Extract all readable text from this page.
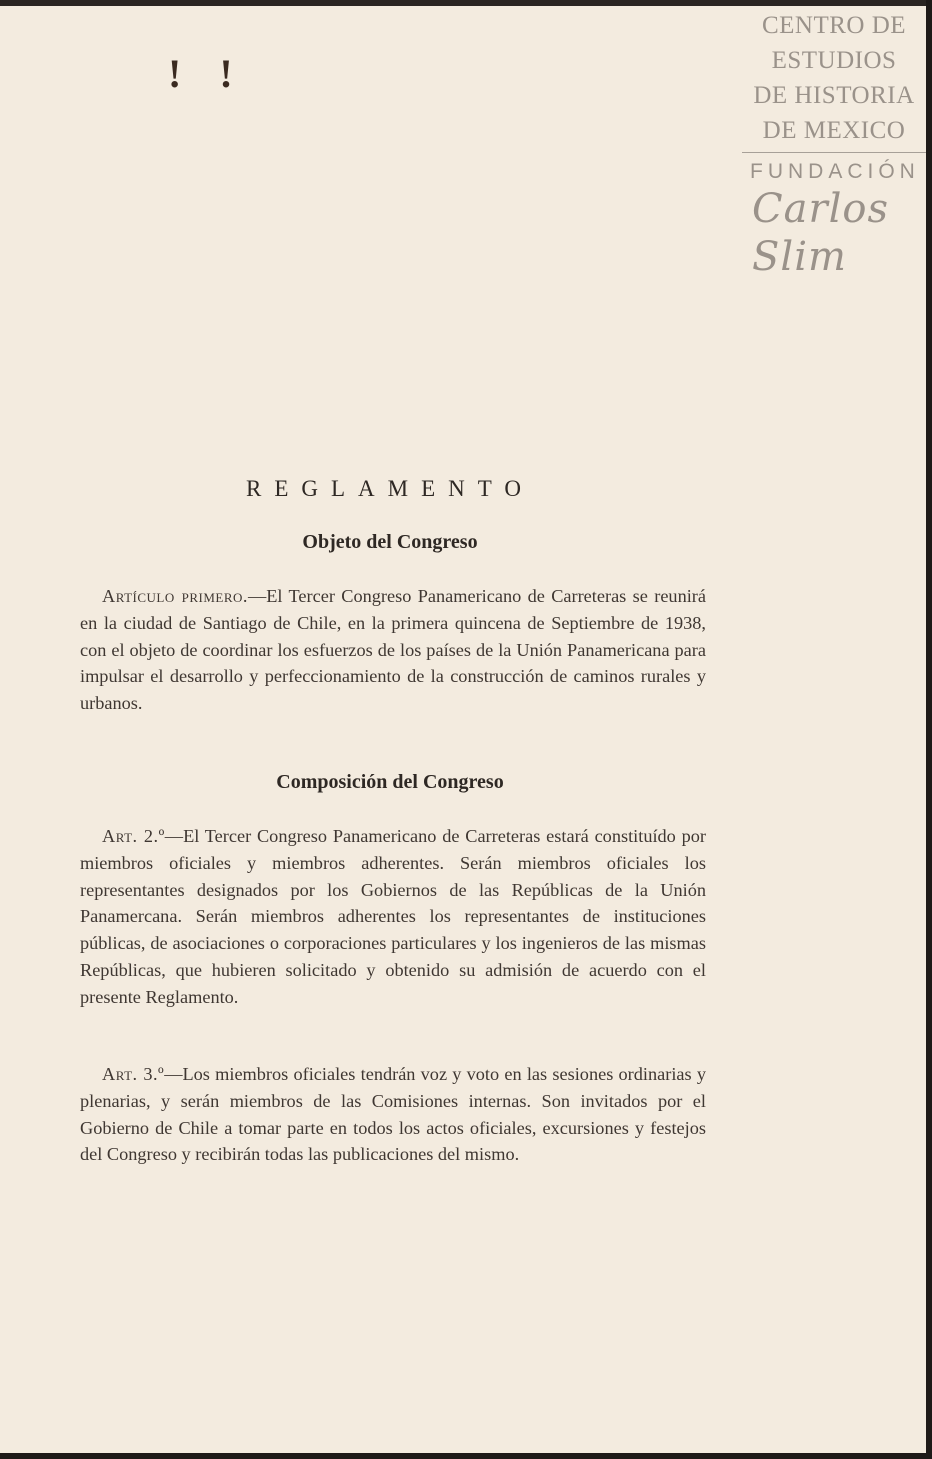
! !
CENTRO DE
ESTUDIOS
DE HISTORIA
DE MEXICO
FUNDACIÓN
Carlos Slim
REGLAMENTO
Objeto del Congreso

Artículo primero.—El Tercer Congreso Panamericano de Carreteras se reunirá en la ciudad de Santiago de Chile, en la primera quincena de Septiembre de 1938, con el objeto de coordinar los esfuerzos de los países de la Unión Panamericana para impulsar el desarrollo y perfeccionamiento de la construcción de caminos rurales y urbanos.

Composición del Congreso

Art. 2.º—El Tercer Congreso Panamericano de Carreteras estará constituído por miembros oficiales y miembros adherentes. Serán miembros oficiales los representantes designados por los Gobiernos de las Repúblicas de la Unión Panamercana. Serán miembros adherentes los representantes de instituciones públicas, de asociaciones o corporaciones particulares y los ingenieros de las mismas Repúblicas, que hubieren solicitado y obtenido su admisión de acuerdo con el presente Reglamento.

Art. 3.º—Los miembros oficiales tendrán voz y voto en las sesiones ordinarias y plenarias, y serán miembros de las Comisiones internas. Son invitados por el Gobierno de Chile a tomar parte en todos los actos oficiales, excursiones y festejos del Congreso y recibirán todas las publicaciones del mismo.
